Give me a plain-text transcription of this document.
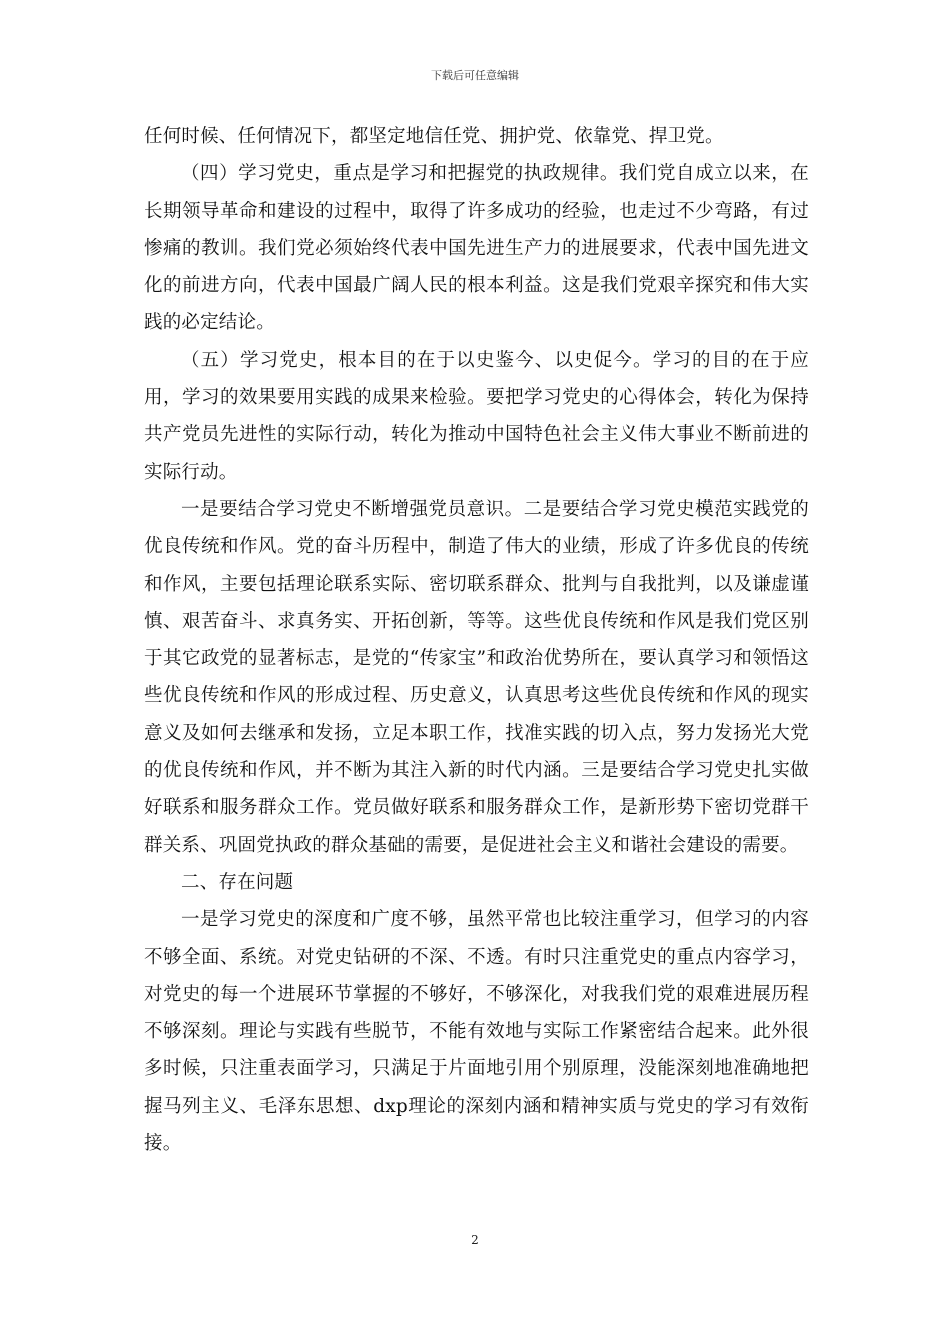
下载后可任意编辑

任何时候、任何情况下，都坚定地信任党、拥护党、依靠党、捍卫党。

（四）学习党史，重点是学习和把握党的执政规律。我们党自成立以来，在长期领导革命和建设的过程中，取得了许多成功的经验，也走过不少弯路，有过惨痛的教训。我们党必须始终代表中国先进生产力的进展要求，代表中国先进文化的前进方向，代表中国最广阔人民的根本利益。这是我们党艰辛探究和伟大实践的必定结论。

（五）学习党史，根本目的在于以史鉴今、以史促今。学习的目的在于应用，学习的效果要用实践的成果来检验。要把学习党史的心得体会，转化为保持共产党员先进性的实际行动，转化为推动中国特色社会主义伟大事业不断前进的实际行动。

一是要结合学习党史不断增强党员意识。二是要结合学习党史模范实践党的优良传统和作风。党的奋斗历程中，制造了伟大的业绩，形成了许多优良的传统和作风，主要包括理论联系实际、密切联系群众、批判与自我批判，以及谦虚谨慎、艰苦奋斗、求真务实、开拓创新，等等。这些优良传统和作风是我们党区别于其它政党的显著标志，是党的“传家宝”和政治优势所在，要认真学习和领悟这些优良传统和作风的形成过程、历史意义，认真思考这些优良传统和作风的现实意义及如何去继承和发扬，立足本职工作，找准实践的切入点，努力发扬光大党的优良传统和作风，并不断为其注入新的时代内涵。三是要结合学习党史扎实做好联系和服务群众工作。党员做好联系和服务群众工作，是新形势下密切党群干群关系、巩固党执政的群众基础的需要，是促进社会主义和谐社会建设的需要。

二、存在问题

一是学习党史的深度和广度不够，虽然平常也比较注重学习，但学习的内容不够全面、系统。对党史钻研的不深、不透。有时只注重党史的重点内容学习，对党史的每一个进展环节掌握的不够好，不够深化，对我我们党的艰难进展历程不够深刻。理论与实践有些脱节，不能有效地与实际工作紧密结合起来。此外很多时候，只注重表面学习，只满足于片面地引用个别原理，没能深刻地准确地把握马列主义、毛泽东思想、dxp理论的深刻内涵和精神实质与党史的学习有效衔接。

2
